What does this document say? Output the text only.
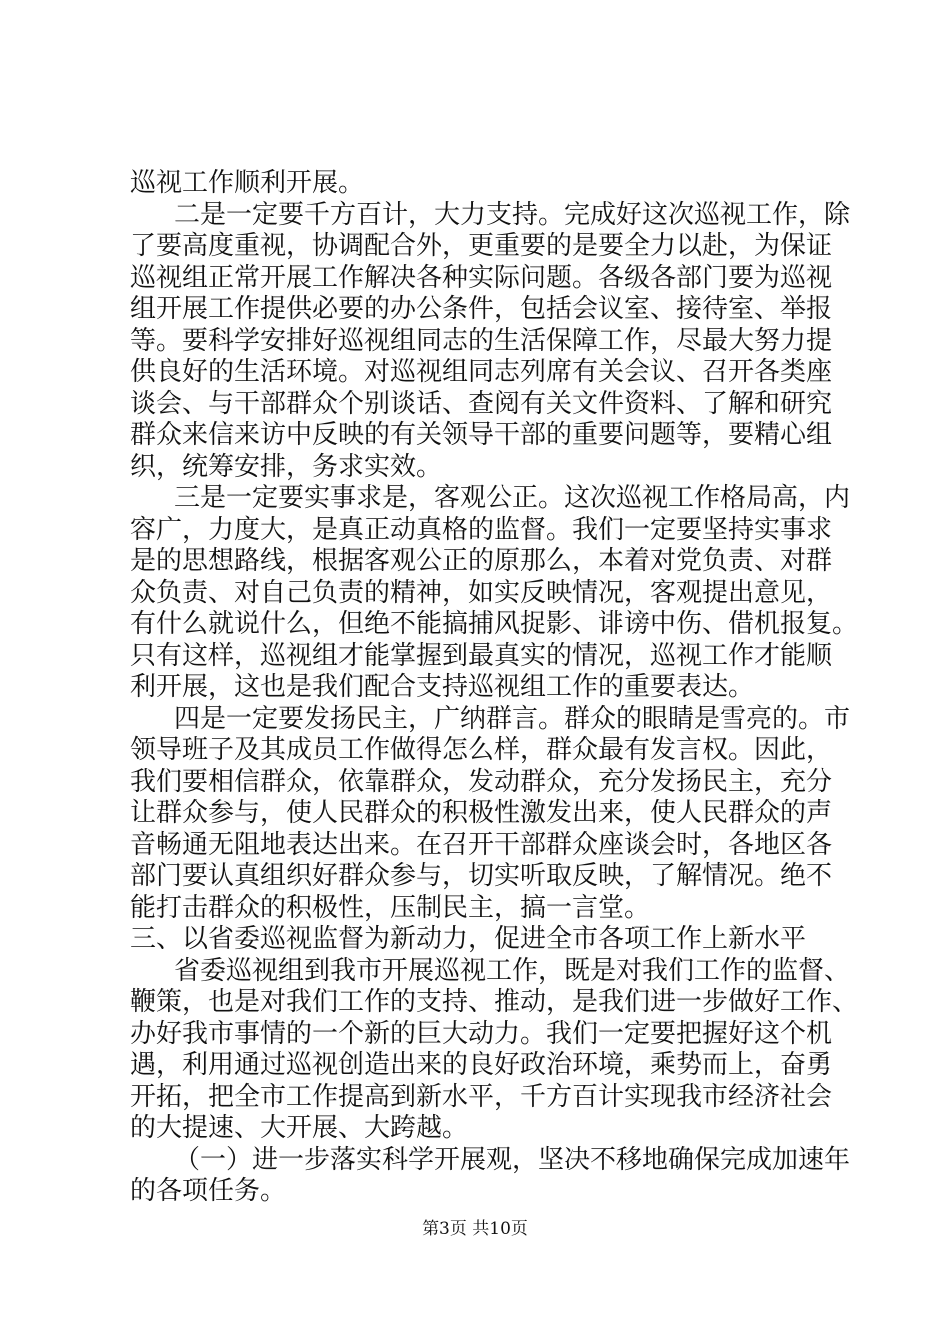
巡视工作顺利开展。
二是一定要千方百计，大力支持。完成好这次巡视工作，除
了要高度重视，协调配合外，更重要的是要全力以赴，为保证
巡视组正常开展工作解决各种实际问题。各级各部门要为巡视
组开展工作提供必要的办公条件，包括会议室、接待室、举报
等。要科学安排好巡视组同志的生活保障工作，尽最大努力提
供良好的生活环境。对巡视组同志列席有关会议、召开各类座
谈会、与干部群众个别谈话、查阅有关文件资料、了解和研究
群众来信来访中反映的有关领导干部的重要问题等，要精心组
织，统筹安排，务求实效。
三是一定要实事求是，客观公正。这次巡视工作格局高，内
容广，力度大，是真正动真格的监督。我们一定要坚持实事求
是的思想路线，根据客观公正的原那么，本着对党负责、对群
众负责、对自己负责的精神，如实反映情况，客观提出意见，
有什么就说什么，但绝不能搞捕风捉影、诽谤中伤、借机报复。
只有这样，巡视组才能掌握到最真实的情况，巡视工作才能顺
利开展，这也是我们配合支持巡视组工作的重要表达。
四是一定要发扬民主，广纳群言。群众的眼睛是雪亮的。市
领导班子及其成员工作做得怎么样，群众最有发言权。因此，
我们要相信群众，依靠群众，发动群众，充分发扬民主，充分
让群众参与，使人民群众的积极性激发出来，使人民群众的声
音畅通无阻地表达出来。在召开干部群众座谈会时，各地区各
部门要认真组织好群众参与，切实听取反映，了解情况。绝不
能打击群众的积极性，压制民主，搞一言堂。
三、以省委巡视监督为新动力，促进全市各项工作上新水平
省委巡视组到我市开展巡视工作，既是对我们工作的监督、
鞭策，也是对我们工作的支持、推动，是我们进一步做好工作、
办好我市事情的一个新的巨大动力。我们一定要把握好这个机
遇，利用通过巡视创造出来的良好政治环境，乘势而上，奋勇
开拓，把全市工作提高到新水平，千方百计实现我市经济社会
的大提速、大开展、大跨越。
（一）进一步落实科学开展观，坚决不移地确保完成加速年
的各项任务。
第3页 共10页
